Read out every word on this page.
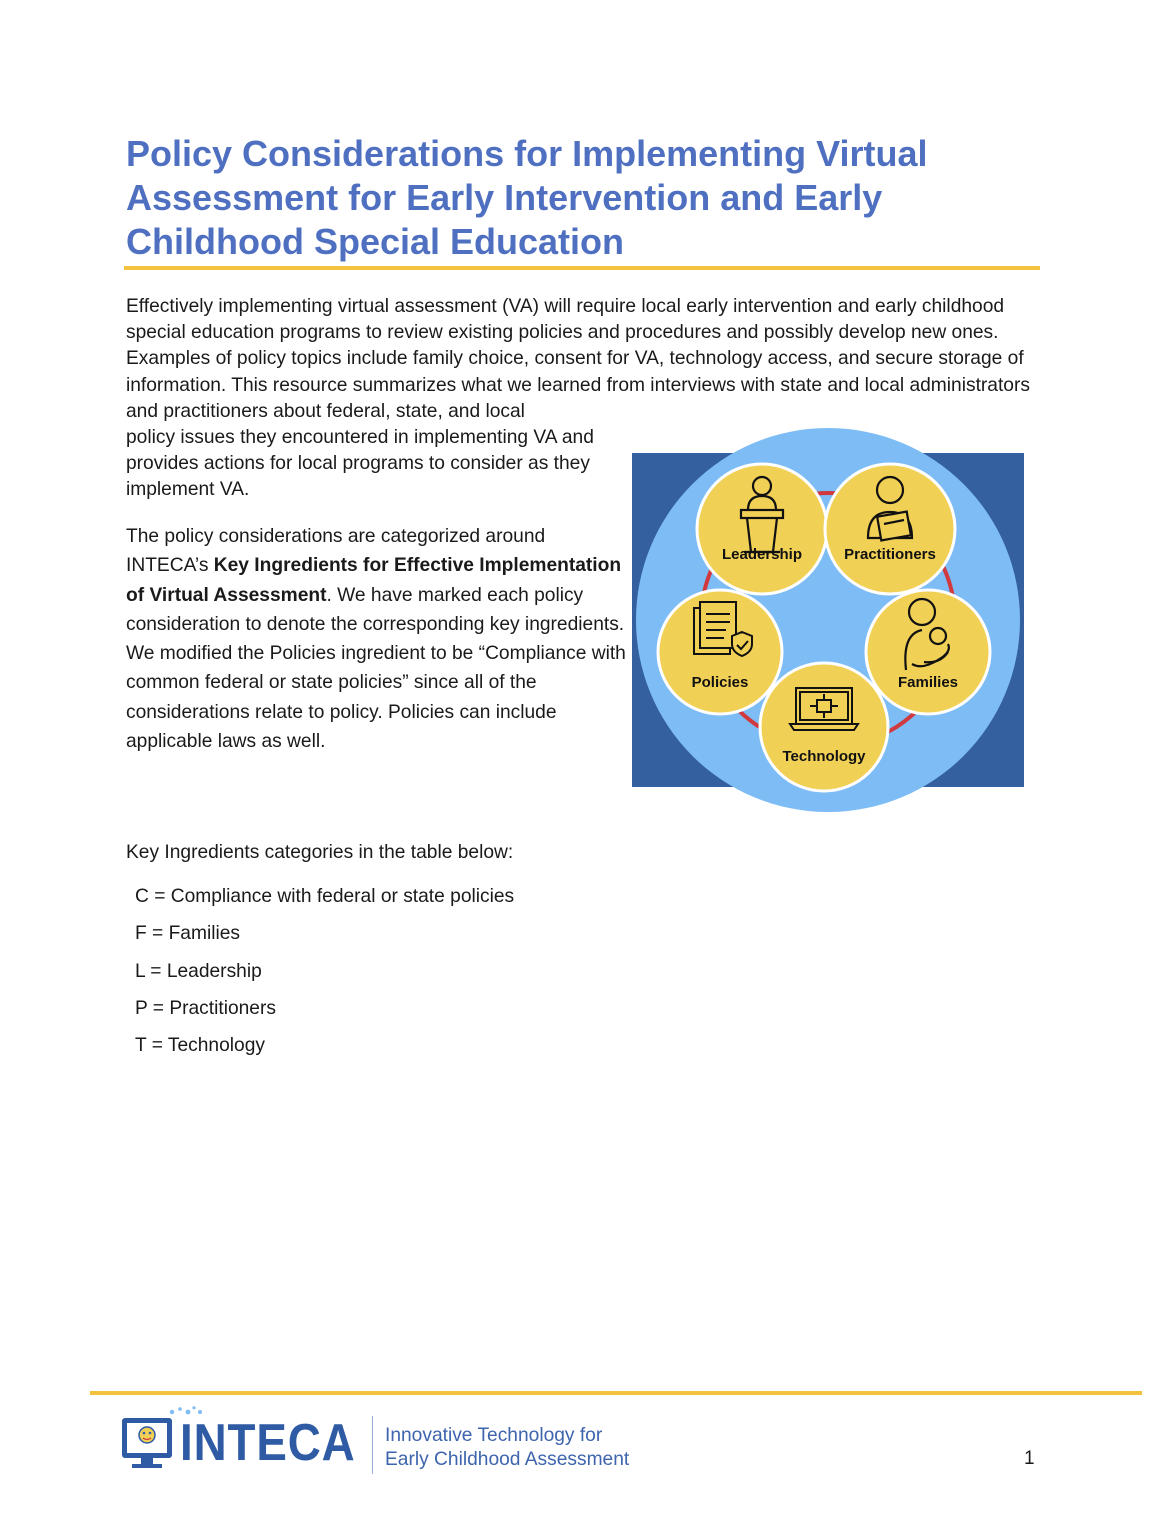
Policy Considerations for Implementing Virtual Assessment for Early Intervention and Early Childhood Special Education

Effectively implementing virtual assessment (VA) will require local early intervention and early childhood special education programs to review existing policies and procedures and possibly develop new ones. Examples of policy topics include family choice, consent for VA, technology access, and secure storage of information. This resource summarizes what we learned from interviews with state and local administrators and practitioners about federal, state, and local

policy issues they encountered in implementing VA and provides actions for local programs to consider as they implement VA.

The policy considerations are categorized around INTECA’s Key Ingredients for Effective Implementation of Virtual Assessment. We have marked each policy consideration to denote the corresponding key ingredients. We modified the Policies ingredient to be “Compliance with common federal or state policies” since all of the considerations relate to policy. Policies can include applicable laws as well.

Leadership	Practitioners
Policies	Families
Technology

Key Ingredients categories in the table below:

C = Compliance with federal or state policies
F = Families
L = Leadership
P = Practitioners
T = Technology
INTECA Innovative Technology for
Early Childhood Assessment	1
